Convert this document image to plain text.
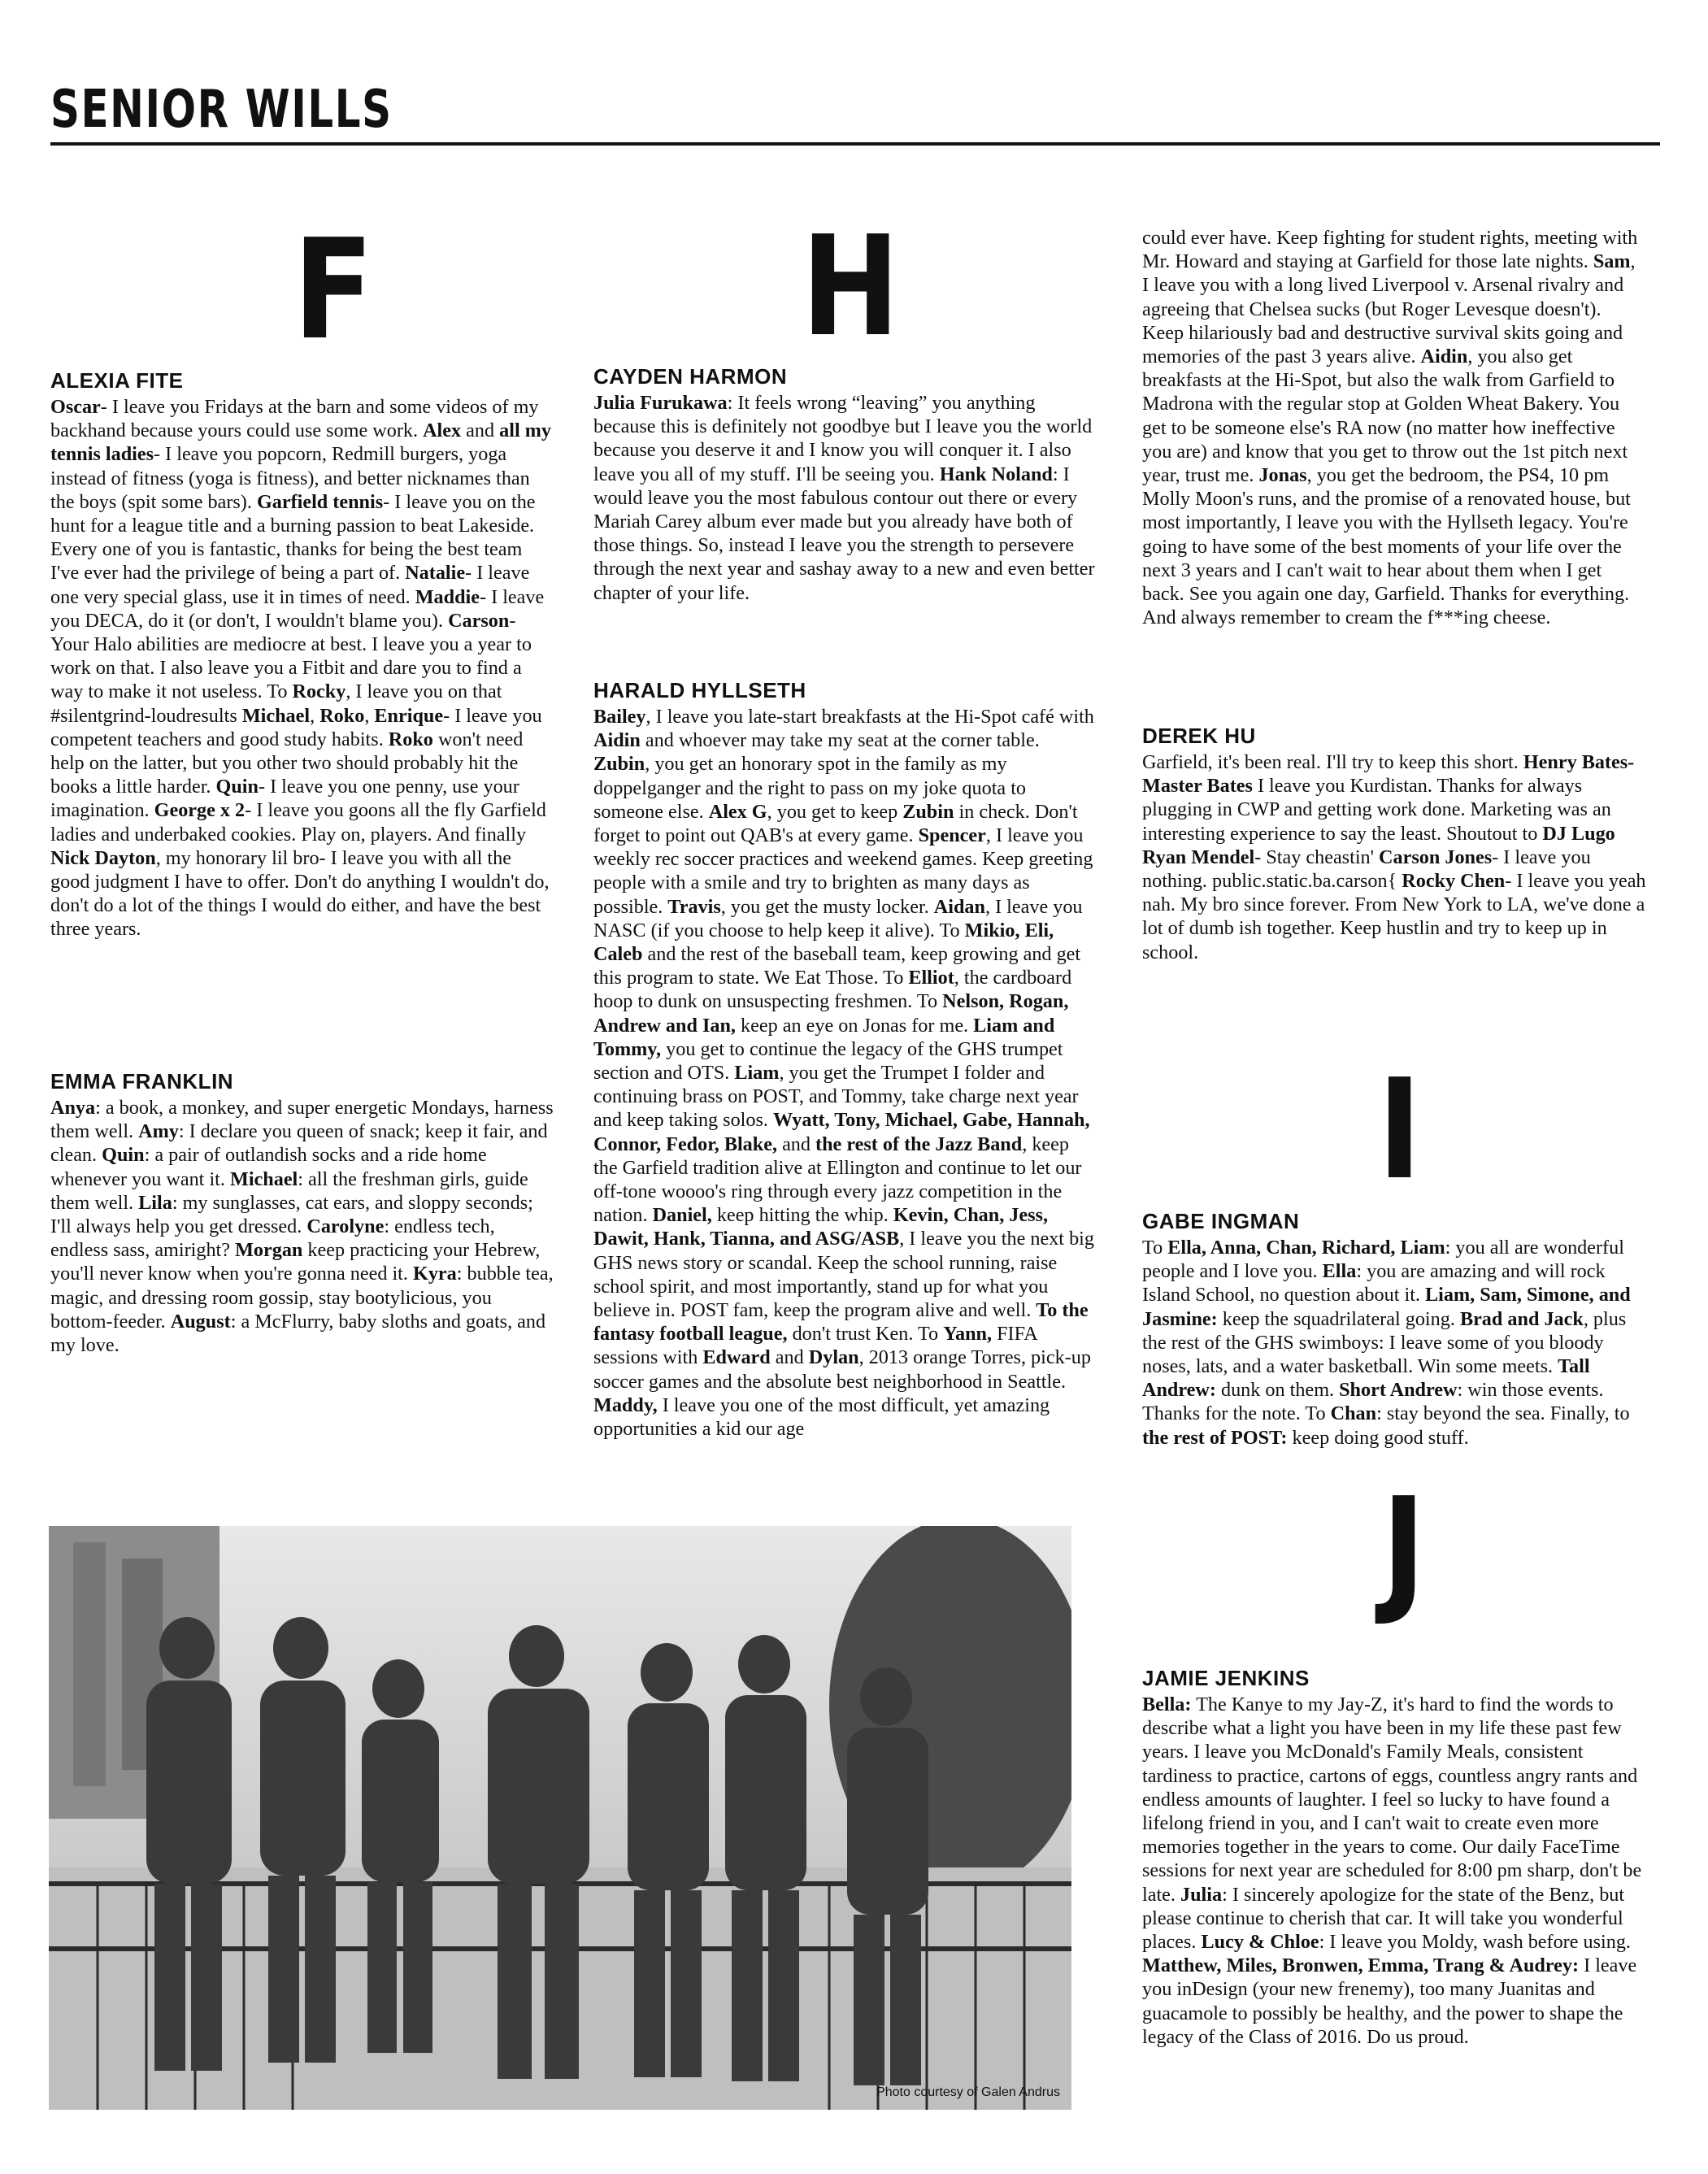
SENIOR WILLS
F
ALEXIA FITE

Oscar- I leave you Fridays at the barn and some videos of my backhand because yours could use some work. Alex and all my tennis ladies- I leave you popcorn, Redmill burgers, yoga instead of fitness (yoga is fitness), and better nicknames than the boys (spit some bars). Garfield tennis- I leave you on the hunt for a league title and a burning passion to beat Lakeside. Every one of you is fantastic, thanks for being the best team I've ever had the privilege of being a part of. Natalie- I leave one very special glass, use it in times of need. Maddie- I leave you DECA, do it (or don't, I wouldn't blame you). Carson- Your Halo abilities are mediocre at best. I leave you a year to work on that. I also leave you a Fitbit and dare you to find a way to make it not useless. To Rocky, I leave you on that #silentgrind-loudresults Michael, Roko, Enrique- I leave you competent teachers and good study habits. Roko won't need help on the latter, but you other two should probably hit the books a little harder. Quin- I leave you one penny, use your imagination. George x 2- I leave you goons all the fly Garfield ladies and underbaked cookies. Play on, players. And finally Nick Dayton, my honorary lil bro- I leave you with all the good judgment I have to offer. Don't do anything I wouldn't do, don't do a lot of the things I would do either, and have the best three years.

EMMA FRANKLIN

Anya: a book, a monkey, and super energetic Mondays, harness them well. Amy: I declare you queen of snack; keep it fair, and clean. Quin: a pair of outlandish socks and a ride home whenever you want it. Michael: all the freshman girls, guide them well. Lila: my sunglasses, cat ears, and sloppy seconds; I'll always help you get dressed. Carolyne: endless tech, endless sass, amiright? Morgan keep practicing your Hebrew, you'll never know when you're gonna need it. Kyra: bubble tea, magic, and dressing room gossip, stay bootylicious, you bottom-feeder. August: a McFlurry, baby sloths and goats, and my love.

H
CAYDEN HARMON

Julia Furukawa: It feels wrong “leaving” you anything because this is definitely not goodbye but I leave you the world because you deserve it and I know you will conquer it. I also leave you all of my stuff. I'll be seeing you. Hank Noland: I would leave you the most fabulous contour out there or every Mariah Carey album ever made but you already have both of those things. So, instead I leave you the strength to persevere through the next year and sashay away to a new and even better chapter of your life.

HARALD HYLLSETH

Bailey, I leave you late-start breakfasts at the Hi-Spot café with Aidin and whoever may take my seat at the corner table. Zubin, you get an honorary spot in the family as my doppelganger and the right to pass on my joke quota to someone else. Alex G, you get to keep Zubin in check. Don't forget to point out QAB's at every game. Spencer, I leave you weekly rec soccer practices and weekend games. Keep greeting people with a smile and try to brighten as many days as possible. Travis, you get the musty locker. Aidan, I leave you NASC (if you choose to help keep it alive). To Mikio, Eli, Caleb and the rest of the baseball team, keep growing and get this program to state. We Eat Those. To Elliot, the cardboard hoop to dunk on unsuspecting freshmen. To Nelson, Rogan, Andrew and Ian, keep an eye on Jonas for me. Liam and Tommy, you get to continue the legacy of the GHS trumpet section and OTS. Liam, you get the Trumpet I folder and continuing brass on POST, and Tommy, take charge next year and keep taking solos. Wyatt, Tony, Michael, Gabe, Hannah, Connor, Fedor, Blake, and the rest of the Jazz Band, keep the Garfield tradition alive at Ellington and continue to let our off-tone woooo's ring through every jazz competition in the nation. Daniel, keep hitting the whip. Kevin, Chan, Jess, Dawit, Hank, Tianna, and ASG/ASB, I leave you the next big GHS news story or scandal. Keep the school running, raise school spirit, and most importantly, stand up for what you believe in. POST fam, keep the program alive and well. To the fantasy football league, don't trust Ken. To Yann, FIFA sessions with Edward and Dylan, 2013 orange Torres, pick-up soccer games and the absolute best neighborhood in Seattle. Maddy, I leave you one of the most difficult, yet amazing opportunities a kid our age

could ever have. Keep fighting for student rights, meeting with Mr. Howard and staying at Garfield for those late nights. Sam, I leave you with a long lived Liverpool v. Arsenal rivalry and agreeing that Chelsea sucks (but Roger Levesque doesn't). Keep hilariously bad and destructive survival skits going and memories of the past 3 years alive. Aidin, you also get breakfasts at the Hi-Spot, but also the walk from Garfield to Madrona with the regular stop at Golden Wheat Bakery. You get to be someone else's RA now (no matter how ineffective you are) and know that you get to throw out the 1st pitch next year, trust me. Jonas, you get the bedroom, the PS4, 10 pm Molly Moon's runs, and the promise of a renovated house, but most importantly, I leave you with the Hyllseth legacy. You're going to have some of the best moments of your life over the next 3 years and I can't wait to hear about them when I get back. See you again one day, Garfield. Thanks for everything. And always remember to cream the f***ing cheese.

DEREK HU

Garfield, it's been real. I'll try to keep this short. Henry Bates- Master Bates I leave you Kurdistan. Thanks for always plugging in CWP and getting work done. Marketing was an interesting experience to say the least. Shoutout to DJ Lugo Ryan Mendel- Stay cheastin' Carson Jones- I leave you nothing. public.static.ba.carson{ Rocky Chen- I leave you yeah nah. My bro since forever. From New York to LA, we've done a lot of dumb ish together. Keep hustlin and try to keep up in school.

I
GABE INGMAN

To Ella, Anna, Chan, Richard, Liam: you all are wonderful people and I love you. Ella: you are amazing and will rock Island School, no question about it. Liam, Sam, Simone, and Jasmine: keep the squadrilateral going. Brad and Jack, plus the rest of the GHS swimboys: I leave some of you bloody noses, lats, and a water basketball. Win some meets. Tall Andrew: dunk on them. Short Andrew: win those events. Thanks for the note. To Chan: stay beyond the sea. Finally, to the rest of POST: keep doing good stuff.

J
JAMIE JENKINS

Bella: The Kanye to my Jay-Z, it's hard to find the words to describe what a light you have been in my life these past few years. I leave you McDonald's Family Meals, consistent tardiness to practice, cartons of eggs, countless angry rants and endless amounts of laughter. I feel so lucky to have found a lifelong friend in you, and I can't wait to create even more memories together in the years to come. Our daily FaceTime sessions for next year are scheduled for 8:00 pm sharp, don't be late. Julia: I sincerely apologize for the state of the Benz, but please continue to cherish that car. It will take you wonderful places. Lucy & Chloe: I leave you Moldy, wash before using. Matthew, Miles, Bronwen, Emma, Trang & Audrey: I leave you inDesign (your new frenemy), too many Juanitas and guacamole to possibly be healthy, and the power to shape the legacy of the Class of 2016. Do us proud.

Photo courtesy of Galen Andrus
